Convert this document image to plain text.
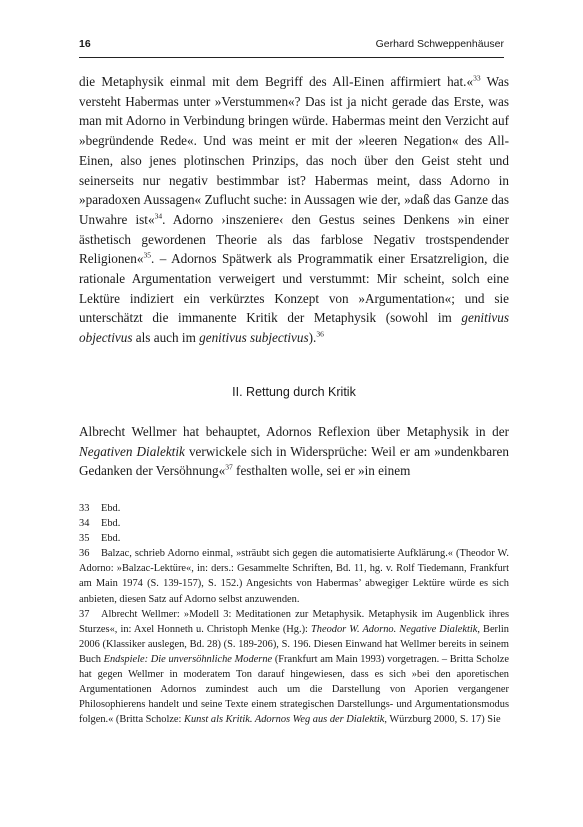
16	Gerhard Schweppenhäuser

die Metaphysik einmal mit dem Begriff des All-Einen affirmiert hat.«$^{33}$ Was versteht Habermas unter »Verstummen«? Das ist ja nicht gerade das Erste, was man mit Adorno in Verbindung bringen würde. Habermas meint den Verzicht auf »begründende Rede«. Und was meint er mit der »leeren Negation« des All-Einen, also jenes plotinschen Prinzips, das noch über den Geist steht und seinerseits nur negativ bestimmbar ist? Habermas meint, dass Adorno in »paradoxen Aussagen« Zuflucht suche: in Aussagen wie der, »daß das Ganze das Unwahre ist«$^{34}$. Adorno ›inszeniere‹ den Gestus seines Denkens »in einer ästhetisch gewordenen Theorie als das farblose Negativ trostspendender Religionen«$^{35}$. – Adornos Spätwerk als Programmatik einer Ersatzreligion, die rationale Argumentation verweigert und verstummt: Mir scheint, solch eine Lektüre indiziert ein verkürztes Konzept von »Argumentation«; und sie unterschätzt die immanente Kritik der Metaphysik (sowohl im genitivus objectivus als auch im genitivus subjectivus).$^{36}$

II. Rettung durch Kritik
Albrecht Wellmer hat behauptet, Adornos Reflexion über Metaphysik in der Negativen Dialektik verwickele sich in Widersprüche: Weil er am »undenkbaren Gedanken der Versöhnung«$^{37}$ festhalten wolle, sei er »in einem

33 Ebd.

34 Ebd.

35 Ebd.

36 Balzac, schrieb Adorno einmal, »sträubt sich gegen die automatisierte Aufklärung.« (Theodor W. Adorno: »Balzac-Lektüre«, in: ders.: Gesammelte Schriften, Bd. 11, hg. v. Rolf Tiedemann, Frankfurt am Main 1974 (S. 139-157), S. 152.) Angesichts von Habermas’ abwegiger Lektüre würde es sich anbieten, diesen Satz auf Adorno selbst anzuwenden.

37 Albrecht Wellmer: »Modell 3: Meditationen zur Metaphysik. Metaphysik im Augenblick ihres Sturzes«, in: Axel Honneth u. Christoph Menke (Hg.): Theodor W. Adorno. Negative Dialektik, Berlin 2006 (Klassiker auslegen, Bd. 28) (S. 189-206), S. 196. Diesen Einwand hat Wellmer bereits in seinem Buch Endspiele: Die unversöhnliche Moderne (Frankfurt am Main 1993) vorgetragen. – Britta Scholze hat gegen Wellmer in moderatem Ton darauf hingewiesen, dass es sich »bei den aporetischen Argumentationen Adornos zumindest auch um die Darstellung von Aporien vergangener Philosophierens handelt und seine Texte einem strategischen Darstellungs- und Argumentationsmodus folgen.« (Britta Scholze: Kunst als Kritik. Adornos Weg aus der Dialektik, Würzburg 2000, S. 17) Sie
